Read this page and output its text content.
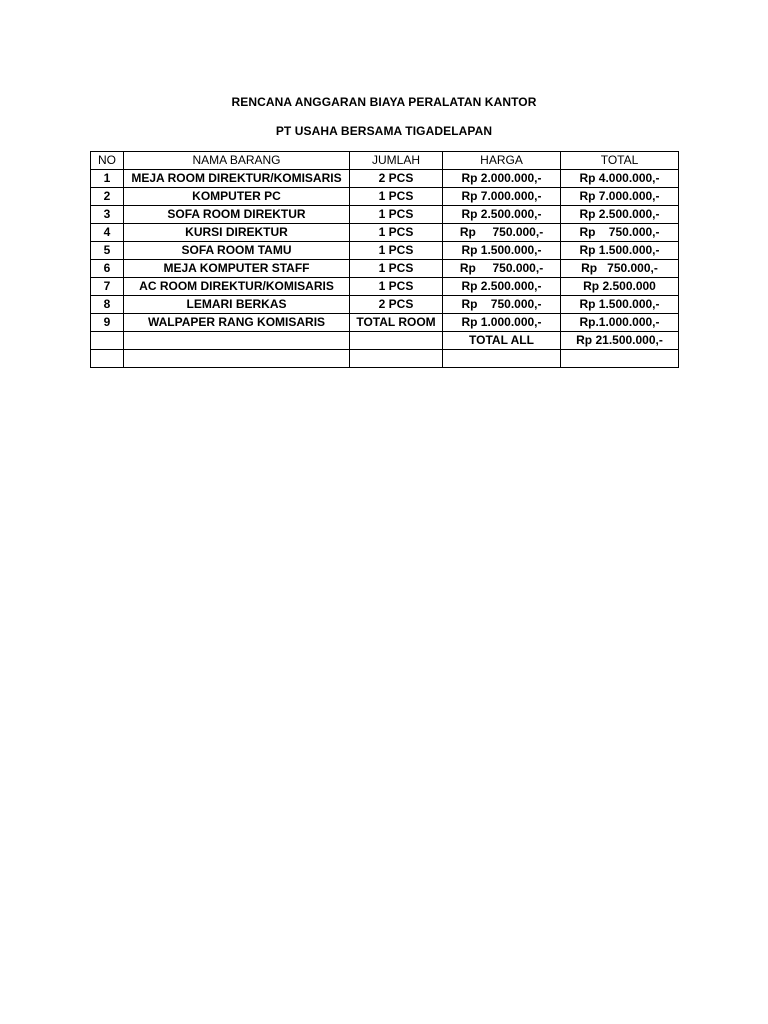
RENCANA ANGGARAN BIAYA PERALATAN KANTOR
PT USAHA BERSAMA TIGADELAPAN
NO	NAMA BARANG	JUMLAH	HARGA	TOTAL
1	MEJA ROOM DIREKTUR/KOMISARIS	2 PCS	Rp 2.000.000,-	Rp 4.000.000,-
2	KOMPUTER PC	1 PCS	Rp 7.000.000,-	Rp 7.000.000,-
3	SOFA ROOM DIREKTUR	1 PCS	Rp 2.500.000,-	Rp 2.500.000,-
4	KURSI DIREKTUR	1 PCS	Rp     750.000,-	Rp    750.000,-
5	SOFA ROOM TAMU	1 PCS	Rp 1.500.000,-	Rp 1.500.000,-
6	MEJA KOMPUTER STAFF	1 PCS	Rp     750.000,-	Rp   750.000,-
7	AC ROOM DIREKTUR/KOMISARIS	1 PCS	Rp 2.500.000,-	Rp 2.500.000
8	LEMARI BERKAS	2 PCS	Rp    750.000,-	Rp 1.500.000,-
9	WALPAPER RANG KOMISARIS	TOTAL ROOM	Rp 1.000.000,-	Rp.1.000.000,-
			TOTAL ALL	Rp 21.500.000,-
